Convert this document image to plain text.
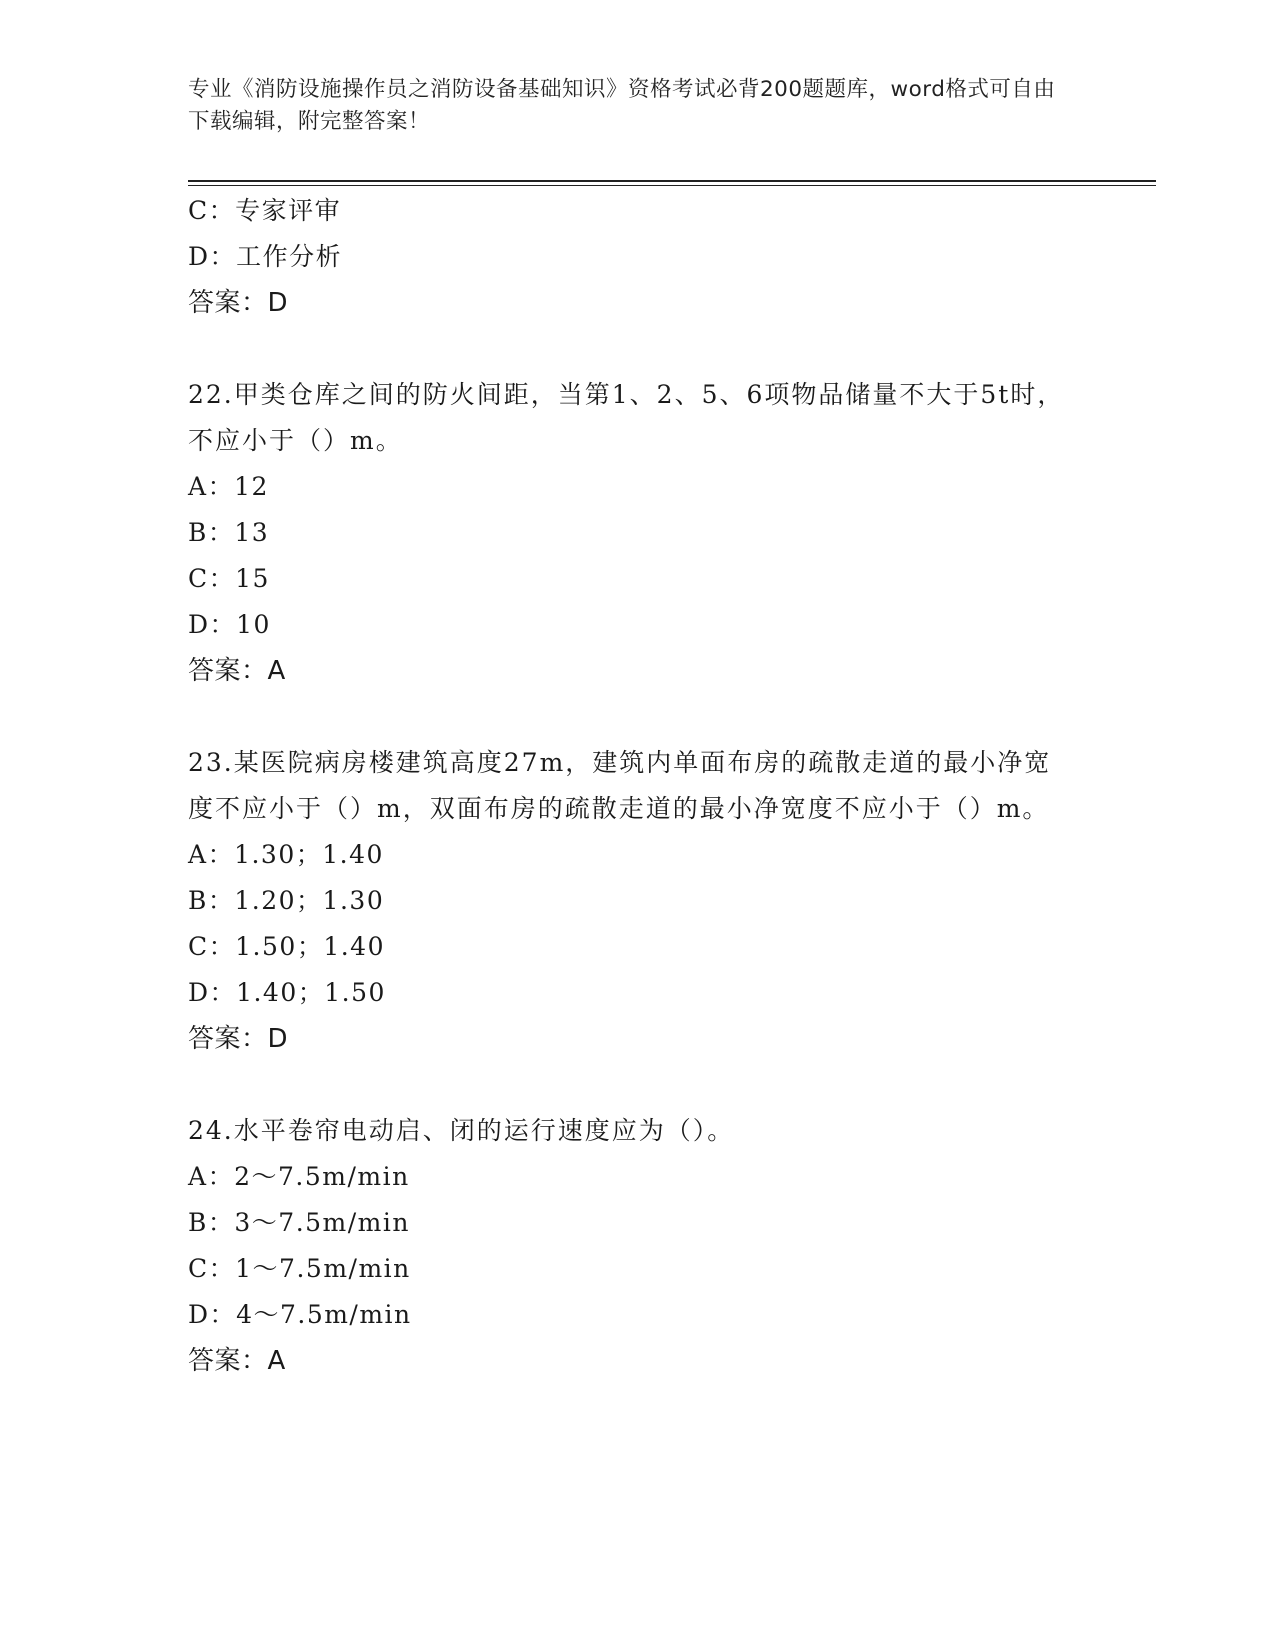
专业《消防设施操作员之消防设备基础知识》资格考试必背200题题库，word格式可自由下载编辑，附完整答案！
C：专家评审
D：工作分析
答案：D
22.甲类仓库之间的防火间距，当第1、2、5、6项物品储量不大于5t时，不应小于（）m。
A：12
B：13
C：15
D：10
答案：A
23.某医院病房楼建筑高度27m，建筑内单面布房的疏散走道的最小净宽度不应小于（）m，双面布房的疏散走道的最小净宽度不应小于（）m。
A：1.30；1.40
B：1.20；1.30
C：1.50；1.40
D：1.40；1.50
答案：D
24.水平卷帘电动启、闭的运行速度应为（）。
A：2～7.5m/min
B：3～7.5m/min
C：1～7.5m/min
D：4～7.5m/min
答案：A
